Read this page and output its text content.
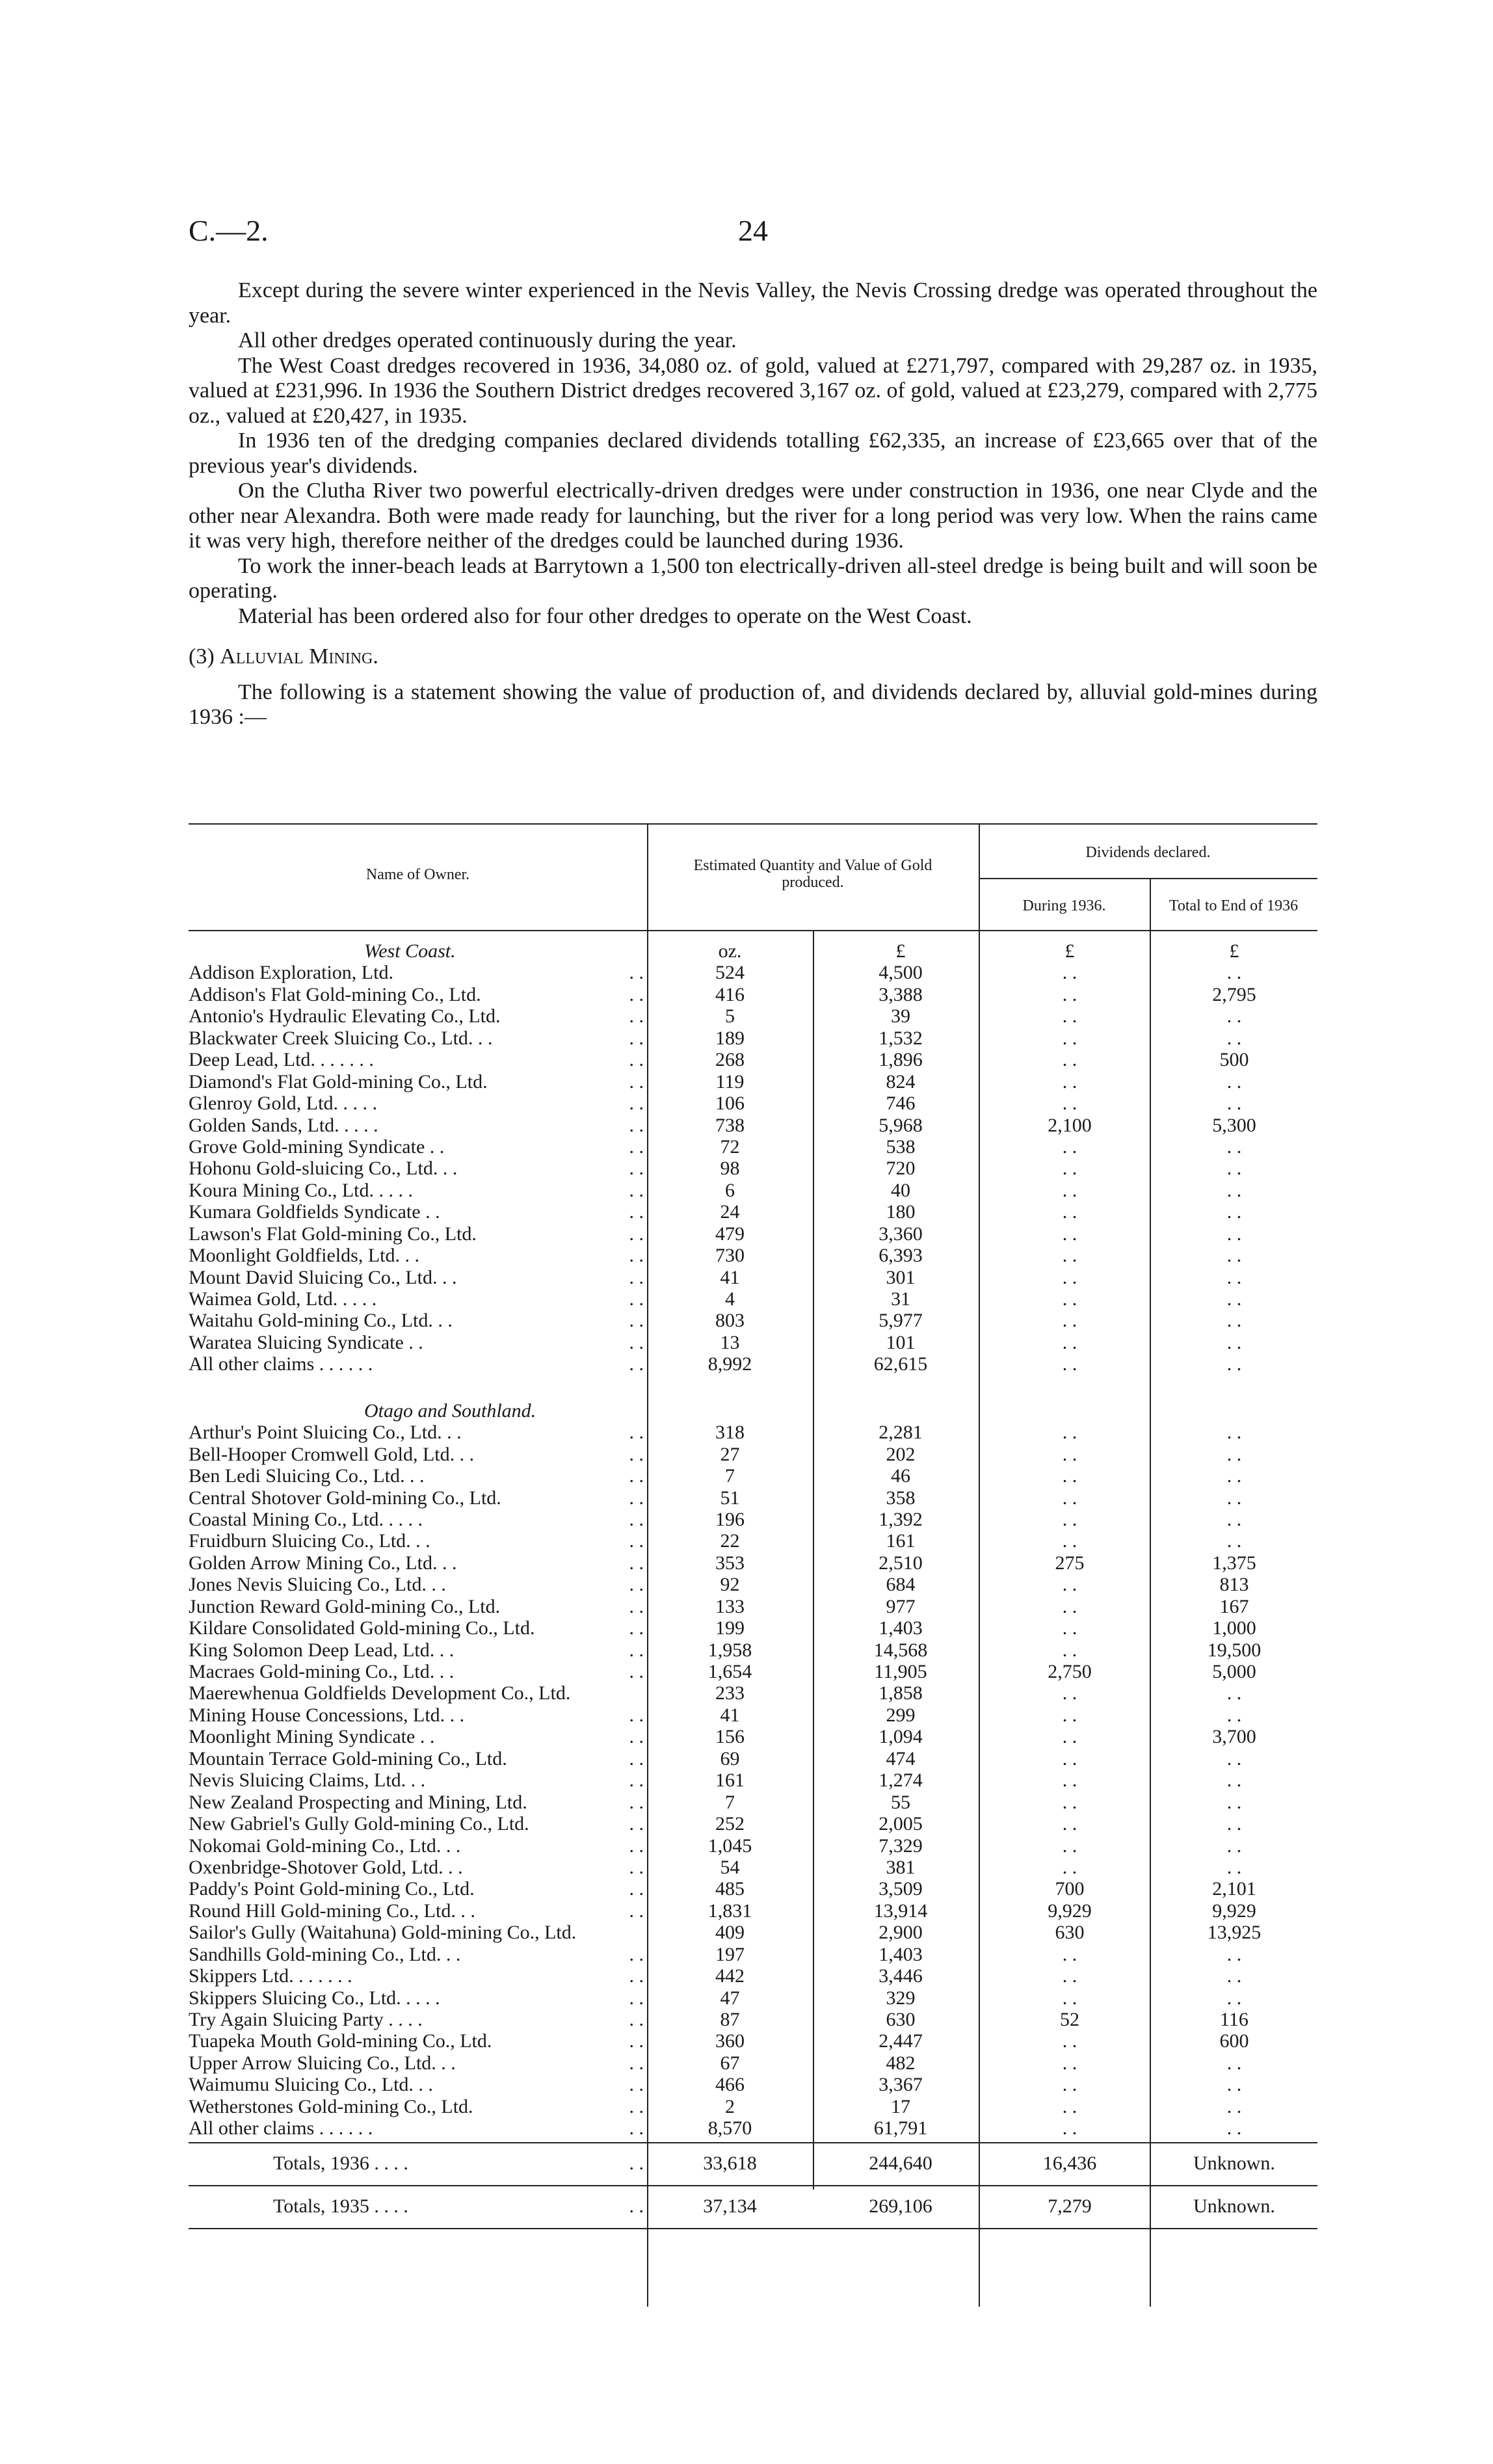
C.—2.	24

Except during the severe winter experienced in the Nevis Valley, the Nevis Crossing dredge was operated throughout the year.

All other dredges operated continuously during the year.

The West Coast dredges recovered in 1936, 34,080 oz. of gold, valued at £271,797, compared with 29,287 oz. in 1935, valued at £231,996. In 1936 the Southern District dredges recovered 3,167 oz. of gold, valued at £23,279, compared with 2,775 oz., valued at £20,427, in 1935.

In 1936 ten of the dredging companies declared dividends totalling £62,335, an increase of £23,665 over that of the previous year's dividends.

On the Clutha River two powerful electrically-driven dredges were under construction in 1936, one near Clyde and the other near Alexandra. Both were made ready for launching, but the river for a long period was very low. When the rains came it was very high, therefore neither of the dredges could be launched during 1936.

To work the inner-beach leads at Barrytown a 1,500 ton electrically-driven all-steel dredge is being built and will soon be operating.

Material has been ordered also for four other dredges to operate on the West Coast.

(3) Alluvial Mining.

The following is a statement showing the value of production of, and dividends declared by, alluvial gold-mines during 1936 :—

Name of Owner.
Estimated Quantity and Value of Gold produced.
Dividends declared.
During 1936.	Total to End of 1936
West Coast.	oz.	£	£	£
Addison Exploration, Ltd.	. .	524	4,500	. .	. .
Addison's Flat Gold-mining Co., Ltd.	. .	416	3,388	. .	2,795
Antonio's Hydraulic Elevating Co., Ltd.	. .	5	39	. .	. .
Blackwater Creek Sluicing Co., Ltd. . .	. .	189	1,532	. .	. .
Deep Lead, Ltd. . . . . . .	. .	268	1,896	. .	500
Diamond's Flat Gold-mining Co., Ltd.	. .	119	824	. .	. .
Glenroy Gold, Ltd. . . . .	. .	106	746	. .	. .
Golden Sands, Ltd. . . . .	. .	738	5,968	2,100	5,300
Grove Gold-mining Syndicate . .	. .	72	538	. .	. .
Hohonu Gold-sluicing Co., Ltd. . .	. .	98	720	. .	. .
Koura Mining Co., Ltd. . . . .	. .	6	40	. .	. .
Kumara Goldfields Syndicate . .	. .	24	180	. .	. .
Lawson's Flat Gold-mining Co., Ltd.	. .	479	3,360	. .	. .
Moonlight Goldfields, Ltd. . .	. .	730	6,393	. .	. .
Mount David Sluicing Co., Ltd. . .	. .	41	301	. .	. .
Waimea Gold, Ltd. . . . .	. .	4	31	. .	. .
Waitahu Gold-mining Co., Ltd. . .	. .	803	5,977	. .	. .
Waratea Sluicing Syndicate . .	. .	13	101	. .	. .
All other claims . . . . . .	. .	8,992	62,615	. .	. .
Otago and Southland.
Arthur's Point Sluicing Co., Ltd. . .	. .	318	2,281	. .	. .
Bell-Hooper Cromwell Gold, Ltd. . .	. .	27	202	. .	. .
Ben Ledi Sluicing Co., Ltd. . .	. .	7	46	. .	. .
Central Shotover Gold-mining Co., Ltd.	. .	51	358	. .	. .
Coastal Mining Co., Ltd. . . . .	. .	196	1,392	. .	. .
Fruidburn Sluicing Co., Ltd. . .	. .	22	161	. .	. .
Golden Arrow Mining Co., Ltd. . .	. .	353	2,510	275	1,375
Jones Nevis Sluicing Co., Ltd. . .	. .	92	684	. .	813
Junction Reward Gold-mining Co., Ltd.	. .	133	977	. .	167
Kildare Consolidated Gold-mining Co., Ltd.	. .	199	1,403	. .	1,000
King Solomon Deep Lead, Ltd. . .	. .	1,958	14,568	. .	19,500
Macraes Gold-mining Co., Ltd. . .	. .	1,654	11,905	2,750	5,000
Maerewhenua Goldfields Development Co., Ltd.	233	1,858	. .	. .
Mining House Concessions, Ltd. . .	. .	41	299	. .	. .
Moonlight Mining Syndicate . .	. .	156	1,094	. .	3,700
Mountain Terrace Gold-mining Co., Ltd.	. .	69	474	. .	. .
Nevis Sluicing Claims, Ltd. . .	. .	161	1,274	. .	. .
New Zealand Prospecting and Mining, Ltd.	. .	7	55	. .	. .
New Gabriel's Gully Gold-mining Co., Ltd.	. .	252	2,005	. .	. .
Nokomai Gold-mining Co., Ltd. . .	. .	1,045	7,329	. .	. .
Oxenbridge-Shotover Gold, Ltd. . .	. .	54	381	. .	. .
Paddy's Point Gold-mining Co., Ltd.	. .	485	3,509	700	2,101
Round Hill Gold-mining Co., Ltd. . .	. .	1,831	13,914	9,929	9,929
Sailor's Gully (Waitahuna) Gold-mining Co., Ltd.	409	2,900	630	13,925
Sandhills Gold-mining Co., Ltd. . .	. .	197	1,403	. .	. .
Skippers Ltd. . . . . . .	. .	442	3,446	. .	. .
Skippers Sluicing Co., Ltd. . . . .	. .	47	329	. .	. .
Try Again Sluicing Party . . . .	. .	87	630	52	116
Tuapeka Mouth Gold-mining Co., Ltd.	. .	360	2,447	. .	600
Upper Arrow Sluicing Co., Ltd. . .	. .	67	482	. .	. .
Waimumu Sluicing Co., Ltd. . .	. .	466	3,367	. .	. .
Wetherstones Gold-mining Co., Ltd.	. .	2	17	. .	. .
All other claims . . . . . .	. .	8,570	61,791	. .	. .
Totals, 1936 . . . .	. .	33,618	244,640	16,436	Unknown.
Totals, 1935 . . . .	. .	37,134	269,106	7,279	Unknown.
